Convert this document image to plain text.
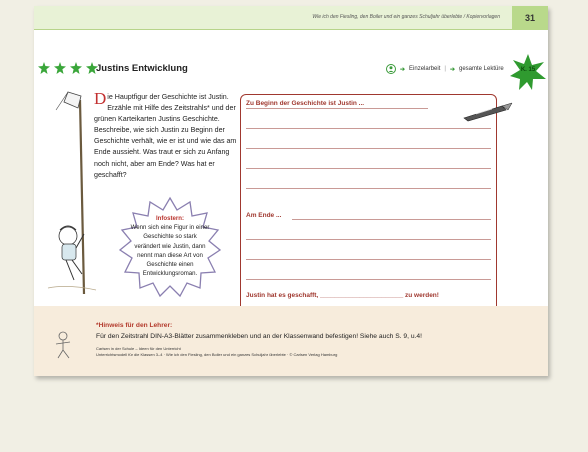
Wie ich den Fiesling, den Boiler und ein ganzes Schuljahr überlebte / Kopiervorlagen	31
Justins Entwicklung	➔ Einzelarbeit | ➔ gesamte Lektüre	K. 15
Die Hauptfigur der Geschichte ist Justin. Erzähle mit Hilfe des Zeitstrahls* und der grünen Karteikarten Justins Geschichte. Beschreibe, wie sich Justin zu Beginn der Geschichte verhält, wie er ist und wie das am Ende aussieht. Was traut er sich zu Anfang noch nicht, aber am Ende? Was hat er geschafft?
Infostern:
Wenn sich eine Figur in einer Geschichte so stark verändert wie Justin, dann nennt man diese Art von Geschichte einen Entwicklungsroman.
Zu Beginn der Geschichte ist Justin ...
Am Ende ...
Justin hat es geschafft, _______________________ zu werden!
*Hinweis für den Lehrer:
Für den Zeitstrahl DIN-A3-Blätter zusammenkleben und an der Klassenwand befestigen! Siehe auch S. 9, u.4!
Carlsen in der Schule – Ideen für den Unterricht
Unterrichtsmodell für die Klassen 3–4 · Wie ich den Fiesling, den Boiler und ein ganzes Schuljahr überlebte · © Carlsen Verlag Hamburg
